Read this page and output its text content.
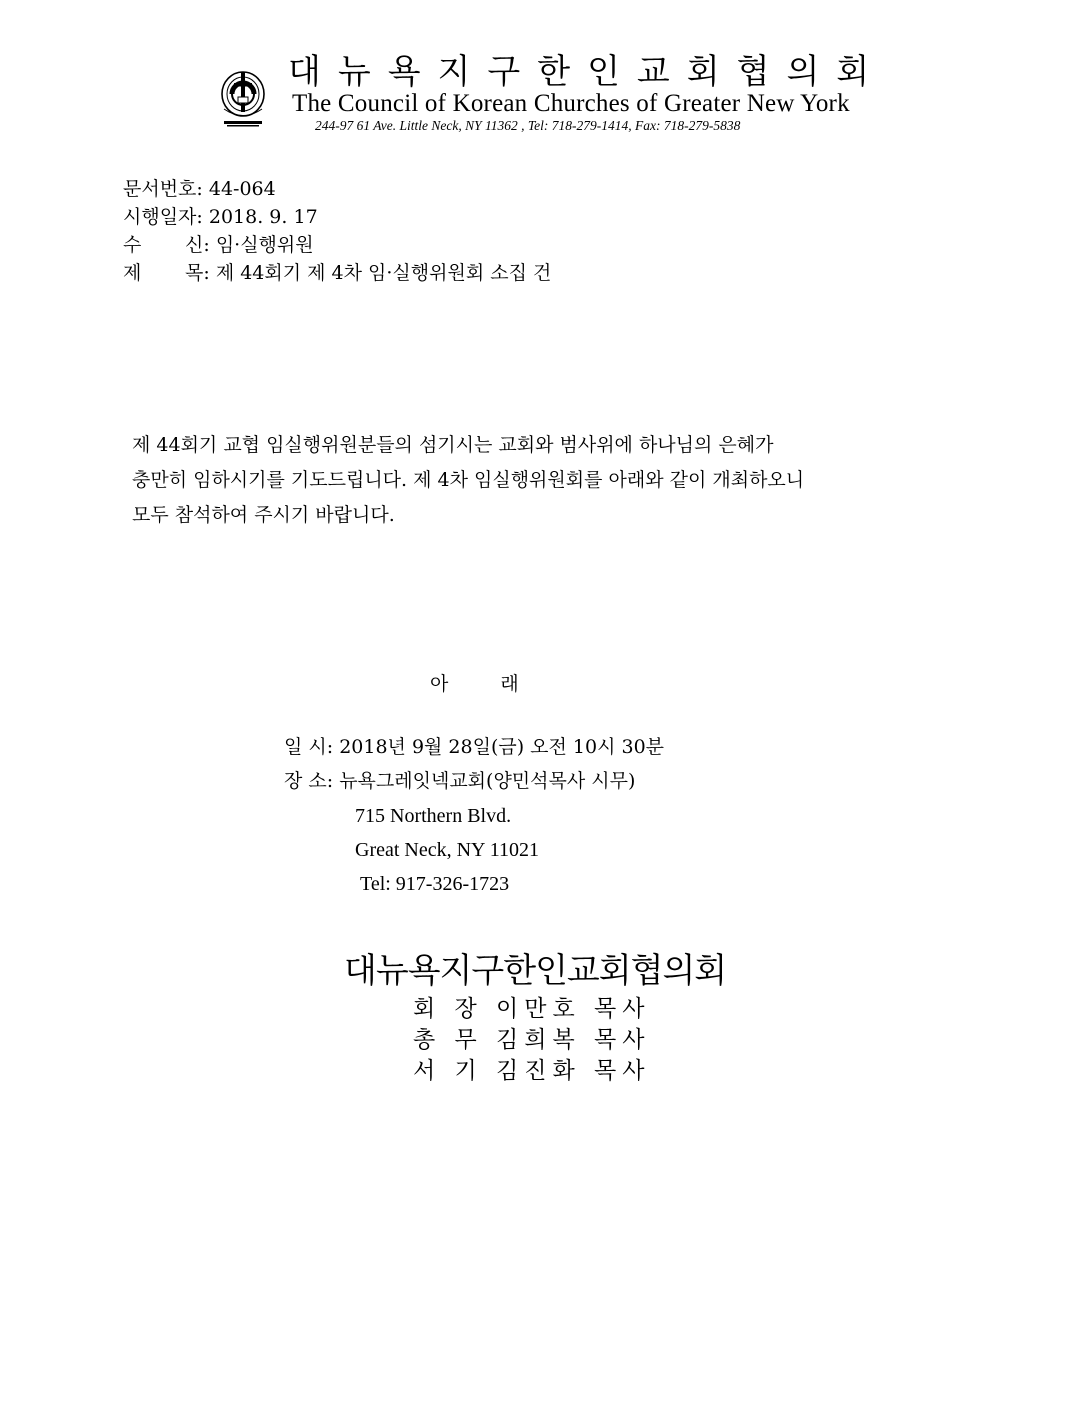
대뉴욕지구한인교회협의회
The Council of Korean Churches of Greater New York
244-97 61 Ave. Little Neck, NY 11362 , Tel: 718-279-1414, Fax: 718-279-5838
문서번호: 44-064
시행일자: 2018. 9. 17
수 신: 임·실행위원
제 목: 제 44회기 제 4차 임·실행위원회 소집 건

제 44회기 교협 임실행위원분들의 섬기시는 교회와 범사위에 하나님의 은혜가

충만히 임하시기를 기도드립니다. 제 4차 임실행위원회를 아래와 같이 개최하오니

모두 참석하여 주시기 바랍니다.

아	래
일 시: 2018년 9월 28일(금) 오전 10시 30분
장 소: 뉴욕그레잇넥교회(양민석목사 시무)
715 Northern Blvd.
Great Neck, NY 11021
Tel: 917-326-1723
대뉴욕지구한인교회협의회
회 장 이만호 목사
총 무 김희복 목사
서 기 김진화 목사
